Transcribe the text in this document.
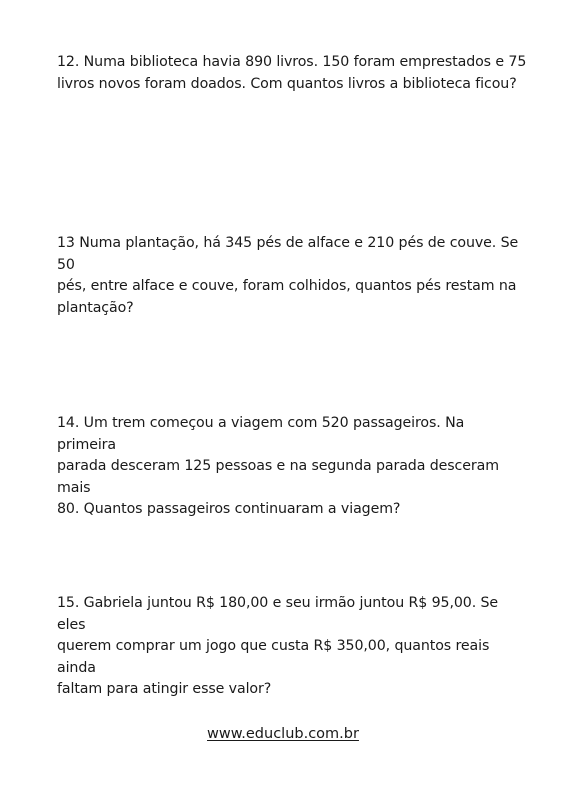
12. Numa biblioteca havia 890 livros. 150 foram emprestados e 75
livros novos foram doados. Com quantos livros a biblioteca ficou?

13 Numa plantação, há 345 pés de alface e 210 pés de couve. Se 50
pés, entre alface e couve, foram colhidos, quantos pés restam na
plantação?

14. Um trem começou a viagem com 520 passageiros. Na primeira
parada desceram 125 pessoas e na segunda parada desceram mais
80. Quantos passageiros continuaram a viagem?

15. Gabriela juntou R$ 180,00 e seu irmão juntou R$ 95,00. Se eles
querem comprar um jogo que custa R$ 350,00, quantos reais ainda
faltam para atingir esse valor?

www.educlub.com.br
